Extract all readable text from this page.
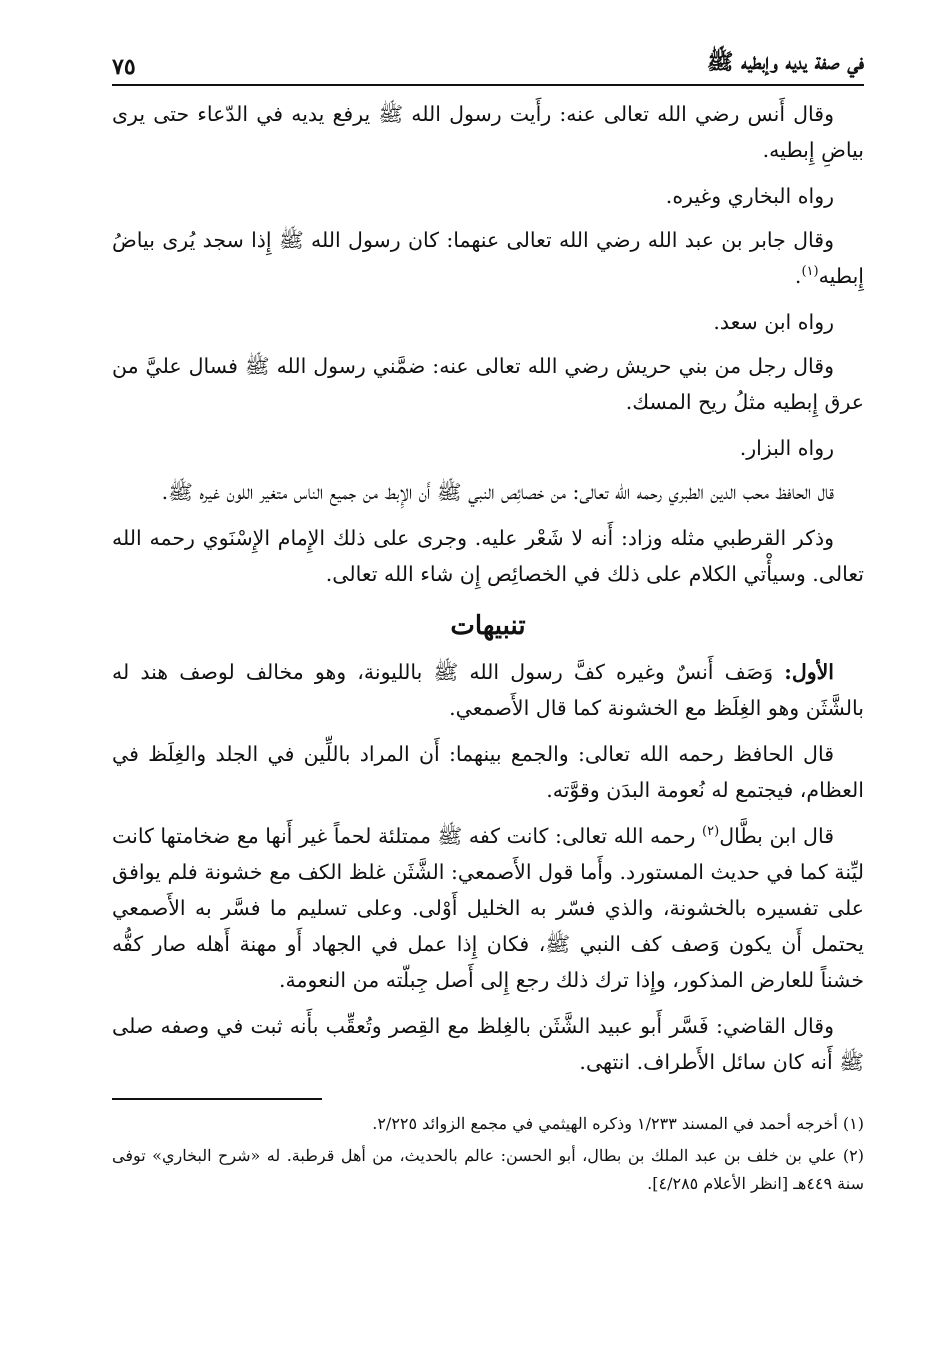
في صفة يديه وإبطيه ﷺ
٧٥

وقال أَنس رضي الله تعالى عنه: رأَيت رسول الله ﷺ يرفع يديه في الدّعاء حتى يرى بياضِ إِبطيه.

رواه البخاري وغيره.

وقال جابر بن عبد الله رضي الله تعالى عنهما: كان رسول الله ﷺ إِذا سجد يُرى بياضُ إِبطيه$^{(١)}$.

رواه ابن سعد.

وقال رجل من بني حريش رضي الله تعالى عنه: ضمَّني رسول الله ﷺ فسال عليَّ من عرق إِبطيه مثلُ ريح المسك.

رواه البزار.

قال الحافظ محب الدين الطبري رحمه الله تعالى: من خصائِص النبي ﷺ أَن الإِبط من جميع الناس متغير اللون غيره ﷺ.

وذكر القرطبي مثله وزاد: أَنه لا شَعْر عليه. وجرى على ذلك الإِمام الإِسْنَوي رحمه الله تعالى. وسيأْتي الكلام على ذلك في الخصائِص إِن شاء الله تعالى.

تنبيهات

الأول: وَصَف أَنسٌ وغيره كفَّ رسول الله ﷺ بالليونة، وهو مخالف لوصف هند له بالشَّثَن وهو الغِلَظ مع الخشونة كما قال الأَصمعي.

قال الحافظ رحمه الله تعالى: والجمع بينهما: أَن المراد باللِّين في الجلد والغِلَظ في العظام، فيجتمع له نُعومة البدَن وقوَّته.

قال ابن بطَّال$^{(٢)}$ رحمه الله تعالى: كانت كفه ﷺ ممتلئة لحماً غير أَنها مع ضخامتها كانت ليِّنة كما في حديث المستورد. وأَما قول الأَصمعي: الشَّثَن غلظ الكف مع خشونة فلم يوافق على تفسيره بالخشونة، والذي فسّر به الخليل أَوْلى. وعلى تسليم ما فسَّر به الأَصمعي يحتمل أَن يكون وَصف كف النبي ﷺ، فكان إِذا عمل في الجهاد أَو مهنة أَهله صار كفُّه خشناً للعارض المذكور، وإِذا ترك ذلك رجع إِلى أَصل جِبلّته من النعومة.

وقال القاضي: فَسَّر أَبو عبيد الشَّثَن بالغِلظ مع القِصر وتُعقِّب بأَنه ثبت في وصفه صلى ﷺ أَنه كان سائل الأَطراف. انتهى.

(١) أخرجه أحمد في المسند ١/٢٣٣ وذكره الهيثمي في مجمع الزوائد ٢/٢٢٥.

(٢) علي بن خلف بن عبد الملك بن بطال، أبو الحسن: عالم بالحديث، من أهل قرطبة. له «شرح البخاري» توفى سنة ٤٤٩هـ [انظر الأعلام ٤/٢٨٥].
